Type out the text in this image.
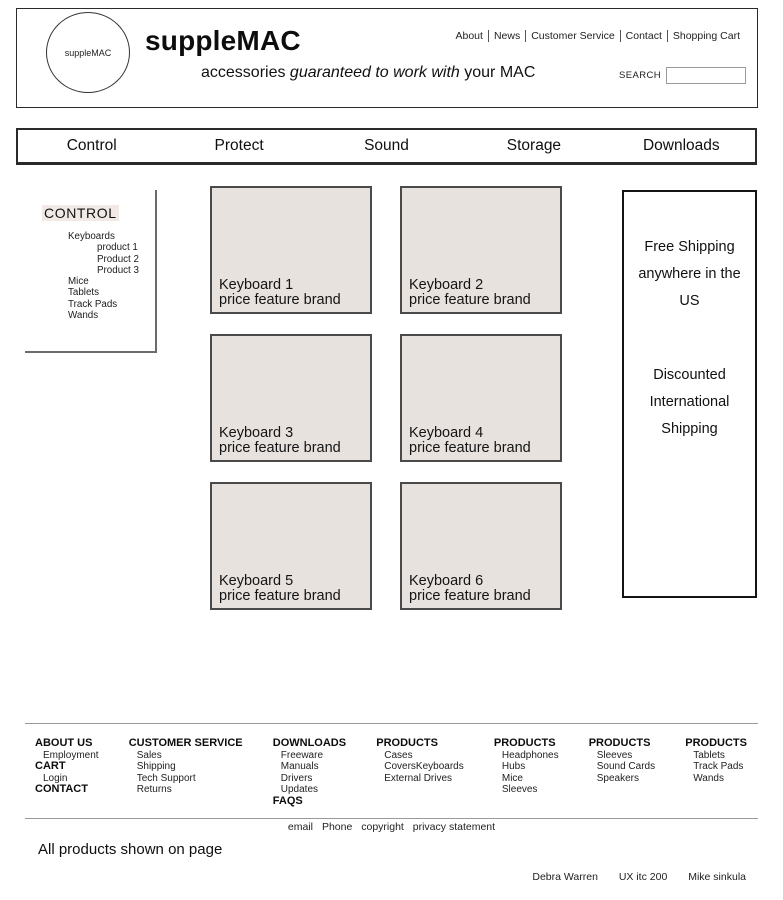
suppleMAC suppleMAC
accessories guaranteed to work with your MAC
About	News	Customer Service	Contact	Shopping Cart
SEARCH
Control	Protect	Sound	Storage	Downloads
CONTROL
Keyboards
product 1
Product 2
Product 3
Mice
Tablets
Track Pads
Wands
Keyboard 1
price feature brand
Keyboard 2
price feature brand
Keyboard 3
price feature brand
Keyboard 4
price feature brand
Keyboard 5
price feature brand
Keyboard 6
price feature brand
Free Shipping
anywhere in the
US
Discounted
International
Shipping
ABOUT US
Employment
CART
Login
CONTACT
CUSTOMER SERVICE
Sales
Shipping
Tech Support
Returns
DOWNLOADS
Freeware
Manuals
Drivers
Updates
FAQS
PRODUCTS
Cases
CoversKeyboards
External Drives
PRODUCTS
Headphones
Hubs
Mice
Sleeves
PRODUCTS
Sleeves
Sound Cards
Speakers
PRODUCTS
Tablets
Track Pads
Wands
email Phone copyright privacy statement
All products shown on page
Debra Warren UX itc 200 Mike sinkula
